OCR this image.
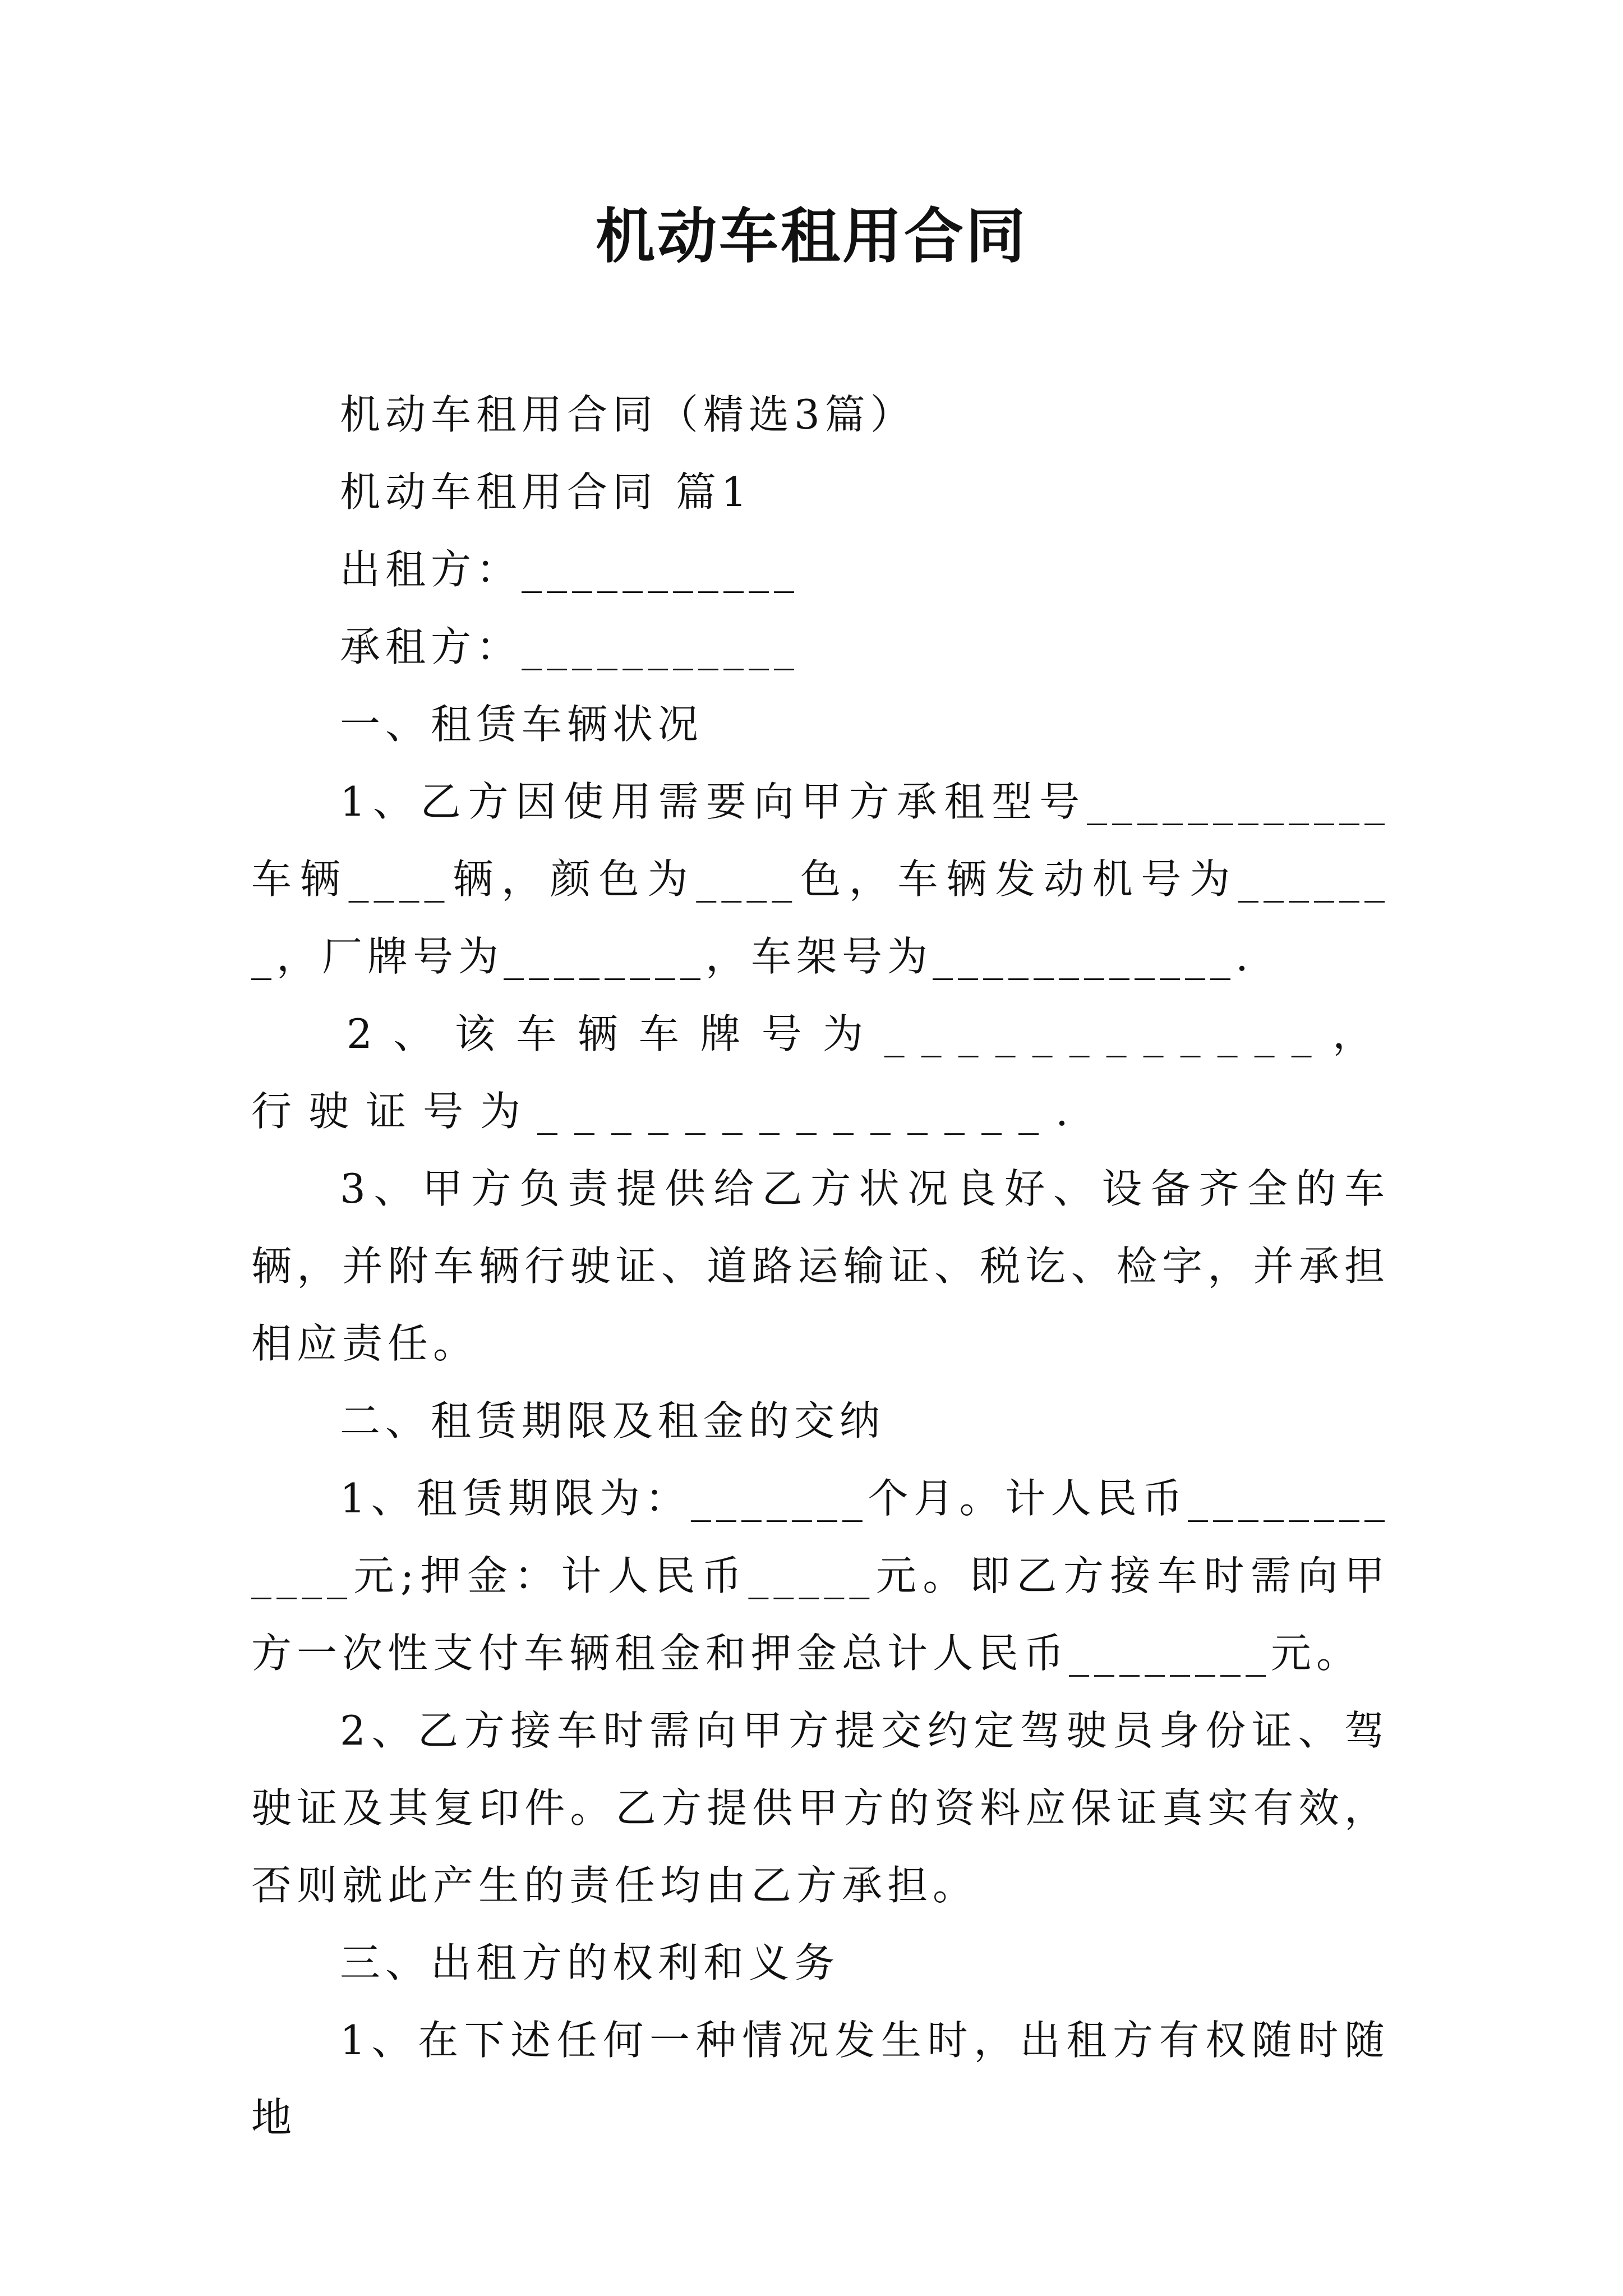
机动车租用合同

机动车租用合同（精选3篇）

机动车租用合同 篇1

出租方：___________

承租方：___________

一、租赁车辆状况

1、乙方因使用需要向甲方承租型号____________车辆____辆，颜色为____色，车辆发动机号为_______，厂牌号为________，车架号为____________.

2、该车辆车牌号为____________，行驶证号为______________.

3、甲方负责提供给乙方状况良好、设备齐全的车辆，并附车辆行驶证、道路运输证、税讫、检字，并承担相应责任。

二、租赁期限及租金的交纳

1、租赁期限为：_______个月。计人民币____________元;押金：计人民币_____元。即乙方接车时需向甲方一次性支付车辆租金和押金总计人民币________元。

2、乙方接车时需向甲方提交约定驾驶员身份证、驾驶证及其复印件。乙方提供甲方的资料应保证真实有效，否则就此产生的责任均由乙方承担。

三、出租方的权利和义务

1、在下述任何一种情况发生时，出租方有权随时随地
